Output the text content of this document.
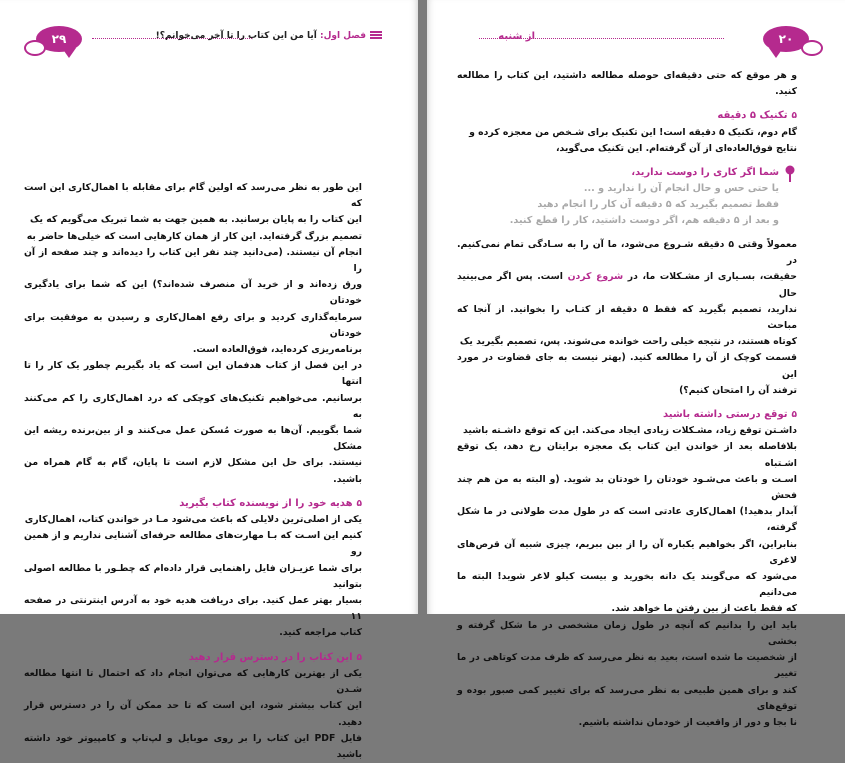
۲۹	فصل اول: آیا من این کتاب را تا آخر می‌خوانم؟!

این طور به نظر می‌رسد که اولین گام برای مقابله با اهمال‌کاری این است که

این کتاب را به پایان برسانید. به همین جهت به شما تبریک می‌گویم که یک

تصمیم بزرگ گرفته‌اید. این کار از همان کارهایی است که خیلی‌ها حاضر به

انجام آن نیستند. (می‌دانید چند نفر این کتاب را دیده‌اند و چند صفحه از آن را

ورق زده‌اند و از خرید آن منصرف شده‌اند؟) این که شما برای یادگیری خودتان

سرمایه‌گذاری کردید و برای رفع اهمال‌کاری و رسیدن به موفقیت برای خودتان

برنامه‌ریزی کرده‌اید، فوق‌العاده است.

در این فصل از کتاب هدفمان این است که یاد بگیریم چطور یک کار را تا انتها

برسانیم. می‌خواهیم تکنیک‌های کوچکی که درد اهمال‌کاری را کم می‌کنند به

شما بگوییم. آن‌ها به صورت مُسکن عمل می‌کنند و از بین‌برنده ریشه این مشکل

نیستند. برای حل این مشکل لازم است تا پایان، گام به گام همراه من باشید.

۵
هدیه خود را از نویسنده کتاب بگیرید

یکی از اصلی‌ترین دلایلی که باعث می‌شود مـا در خواندن کتاب، اهمال‌کاری

کنیم این اسـت که بـا مهارت‌های مطالعه حرفه‌ای آشنایی نداریم و از همین رو

برای شما عزیـزان فایل راهنمایی قرار داده‌ام که چطـور با مطالعه اصولی بتوانید

بسیار بهتر عمل کنید. برای دریافت هدیه خود به آدرس اینترنتی در صفحه ۱۱

کتاب مراجعه کنید.

۵
این کتاب را در دسترس قرار دهید

یکی از بهترین کارهایی که می‌توان انجام داد که احتمال تا انتها مطالعه شـدن

این کتاب بیشتر شود، این است که تا حد ممکن آن را در دسترس قرار دهید.

فایل PDF این کتاب را بر روی موبایل و لپ‌تاپ و کامپیوتر خود داشته باشید

۲۰
از شنبه

و هر موقع که حتی دقیقه‌ای حوصله مطالعه داشتید، این کتاب را مطالعه کنید.

۵
تکنیک ۵ دقیقه

گام دوم، تکنیک ۵ دقیقه است! این تکنیک برای شـخص من معجزه کرده و

نتایج فوق‌العاده‌ای از آن گرفته‌ام. این تکنیک می‌گوید،

شما اگر کاری را دوست ندارید،
یا حتی حس و حال انجام آن را ندارید و ...
فقط تصمیم بگیرید که ۵ دقیقه آن کار را انجام دهید
و بعد از ۵ دقیقه هم، اگر دوست داشتید، کار را قطع کنید.

معمولاً وقتی ۵ دقیقه شـروع می‌شود، ما آن را به سـادگی تمام نمی‌کنیم. در

حقیقت، بسـیاری از مشـکلات ما، در شروع کردن است. پس اگر می‌بینید حال

ندارید، تصمیم بگیرید که فقط ۵ دقیقه از کتـاب را بخوانید. از آنجا که مباحث

کوتاه هستند، در نتیجه خیلی راحت خوانده می‌شوند. پس، تصمیم بگیرید یک

قسمت کوچک از آن را مطالعه کنید. (بهتر نیست به جای قضاوت در مورد این

ترفند آن را امتحان کنیم؟)

۵
توقع درستی داشته باشید

داشـتن توقع زیاد، مشـکلات زیادی ایجاد می‌کند. این که توقع داشـته باشید

بلافاصله بعد از خواندن این کتاب یک معجزه برایتان رخ دهد، یک توقع اشـتباه

اسـت و باعث می‌شـود خودتان را خودتان بد شوید. (و البته به من هم چند فحش

آبدار بدهید!) اهمال‌کاری عادتی است که در طول مدت طولانی در ما شکل گرفته،

بنابراین، اگر بخواهیم یکباره آن را از بین ببریم، چیزی شبیه آن قرص‌های لاغری

می‌شود که می‌گویند یک دانه بخورید و بیست کیلو لاغر شوید! البته ما می‌دانیم

که فقط باعث از بین رفتن ما خواهد شد.

باید این را بدانیم که آنچه در طول زمان مشخصی در ما شکل گرفته و بخشی

از شخصیت ما شده است، بعید به نظر می‌رسد که ظرف مدت کوتاهی در ما تغییر

کند و برای همین طبیعی به نظر می‌رسد که برای تغییر کمی صبور بوده و توقع‌های

نا بجا و دور از واقعیت از خودمان نداشته باشیم.
